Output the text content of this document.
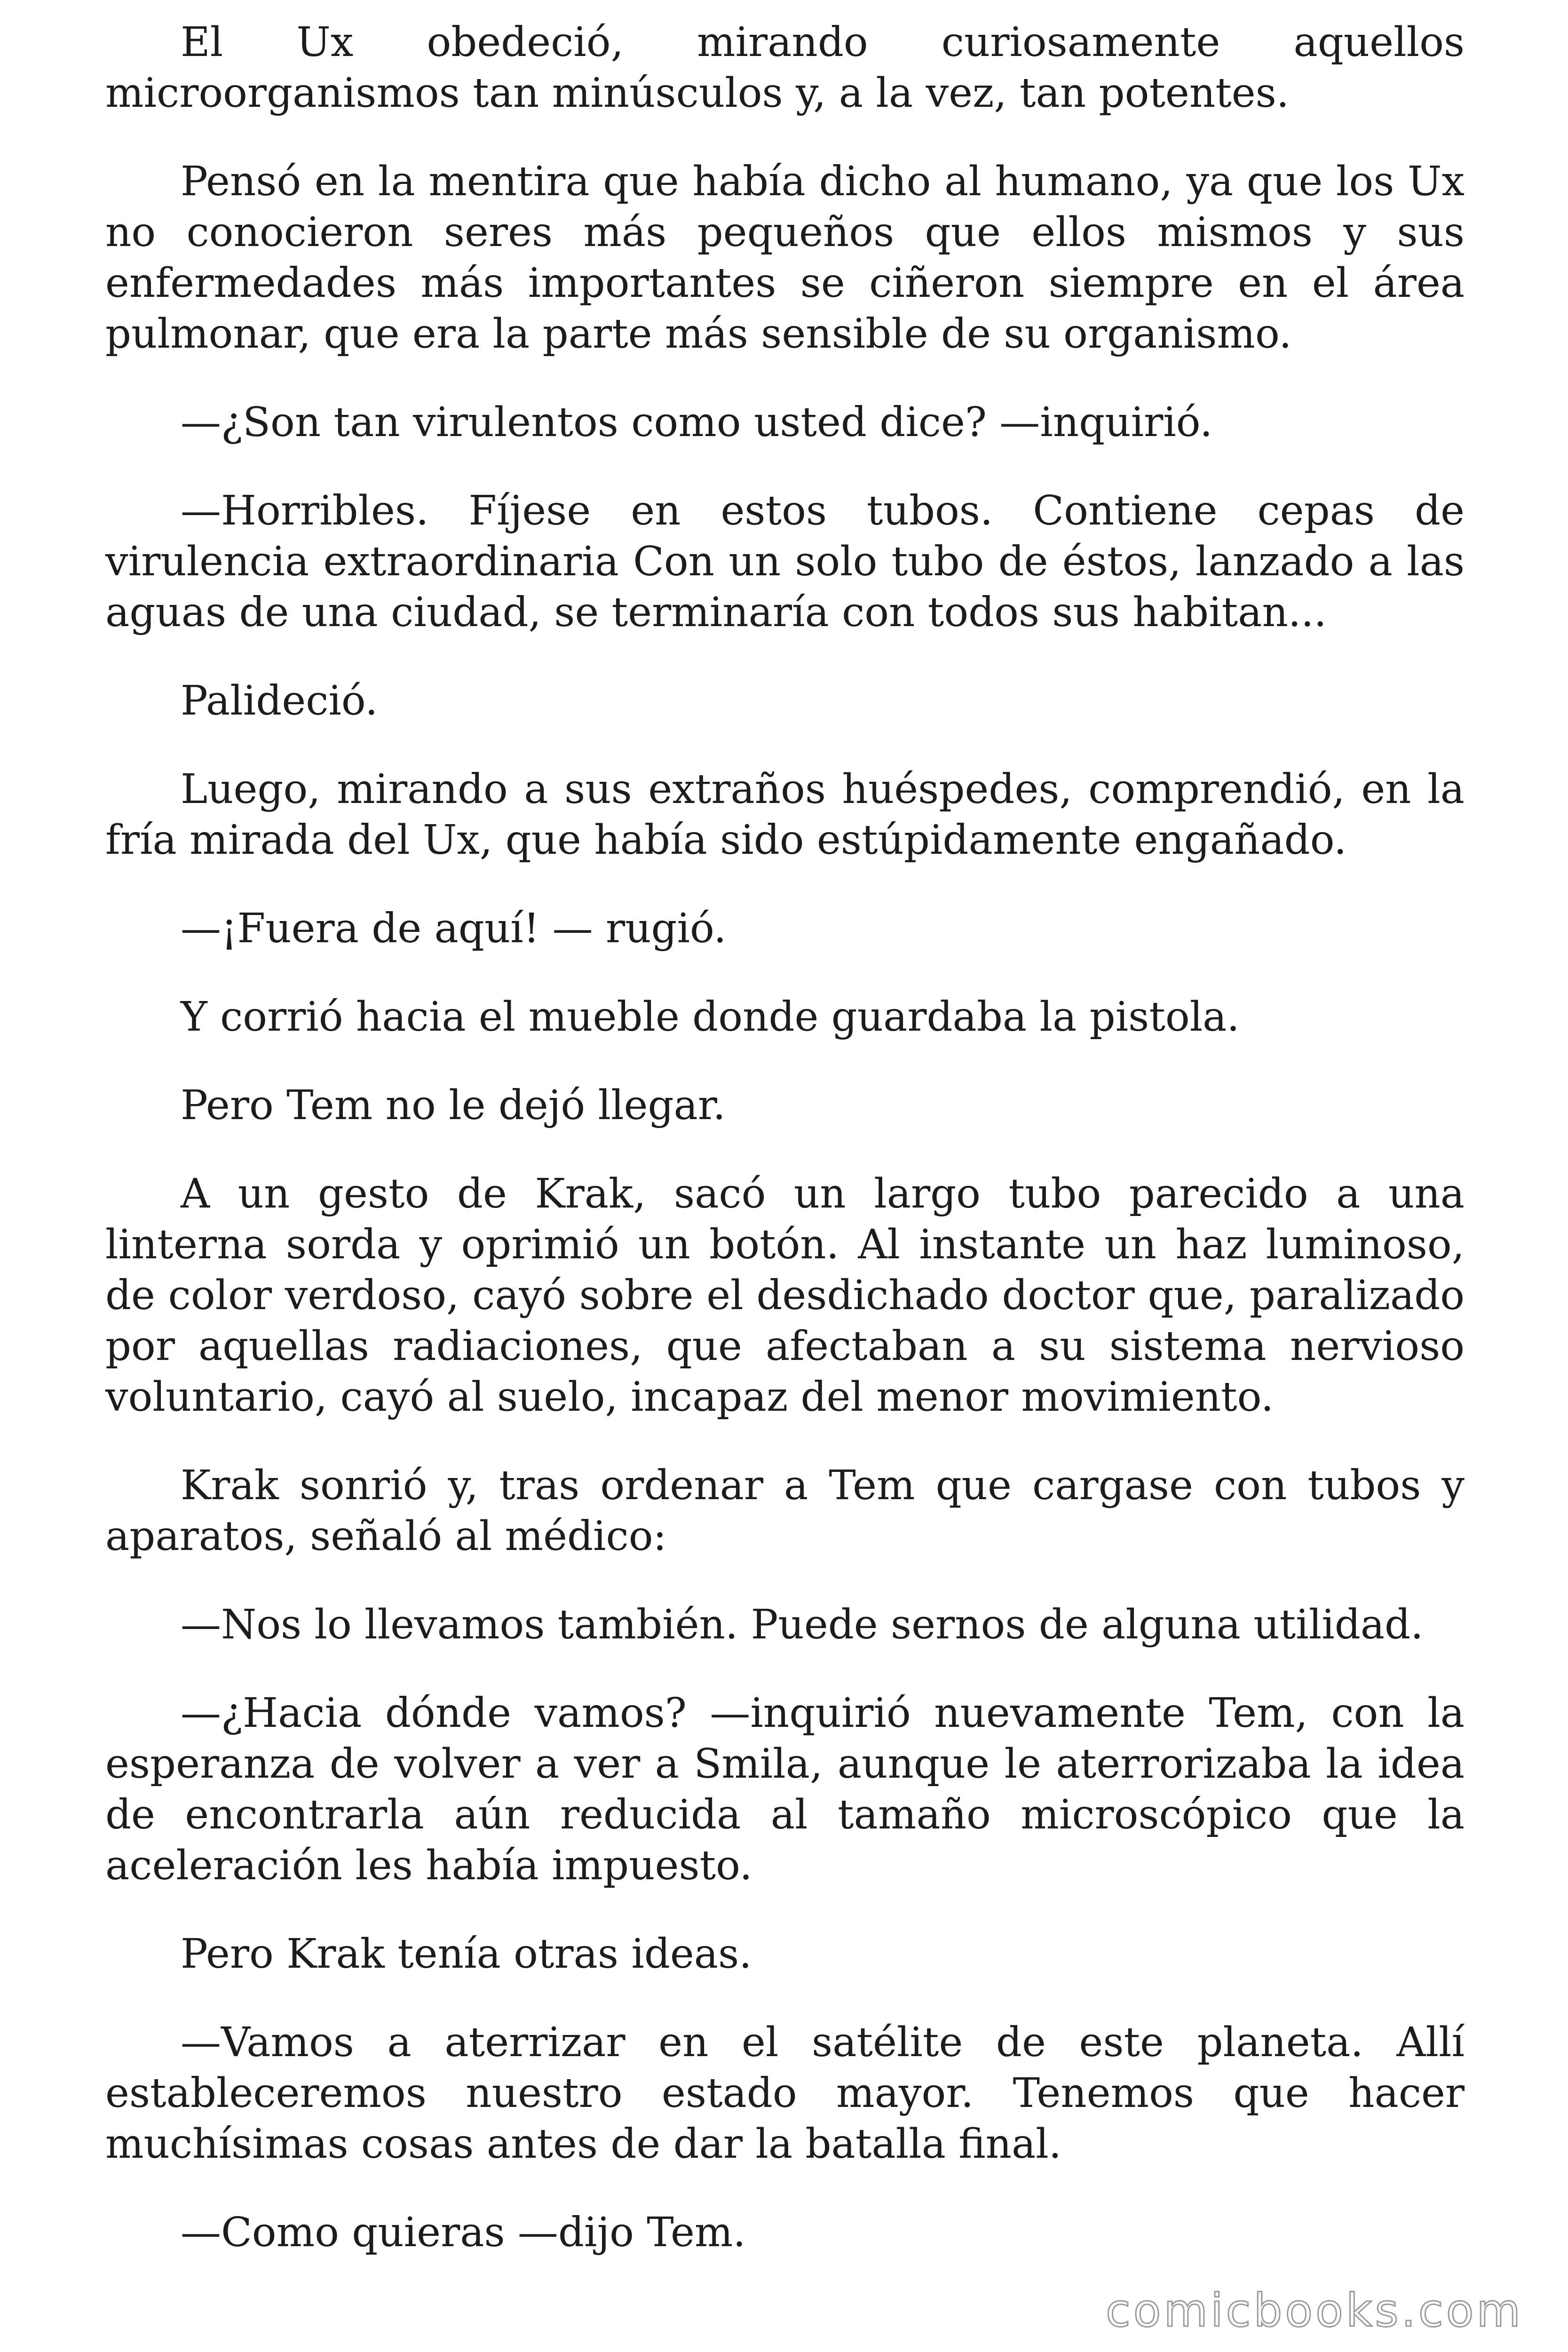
El Ux obedeció, mirando curiosamente aquellos microorganismos tan minúsculos y, a la vez, tan potentes.

Pensó en la mentira que había dicho al humano, ya que los Ux no conocieron seres más pequeños que ellos mismos y sus enfermedades más importantes se ciñeron siempre en el área pulmonar, que era la parte más sensible de su organismo.

—¿Son tan virulentos como usted dice? —inquirió.

—Horribles. Fíjese en estos tubos. Contiene cepas de virulencia extraordinaria Con un solo tubo de éstos, lanzado a las aguas de una ciudad, se terminaría con todos sus habitan...

Palideció.

Luego, mirando a sus extraños huéspedes, comprendió, en la fría mirada del Ux, que había sido estúpidamente engañado.

—¡Fuera de aquí! — rugió.

Y corrió hacia el mueble donde guardaba la pistola.

Pero Tem no le dejó llegar.

A un gesto de Krak, sacó un largo tubo parecido a una linterna sorda y oprimió un botón. Al instante un haz luminoso, de color verdoso, cayó sobre el desdichado doctor que, paralizado por aquellas radiaciones, que afectaban a su sistema nervioso voluntario, cayó al suelo, incapaz del menor movimiento.

Krak sonrió y, tras ordenar a Tem que cargase con tubos y aparatos, señaló al médico:

—Nos lo llevamos también. Puede sernos de alguna utilidad.

—¿Hacia dónde vamos? —inquirió nuevamente Tem, con la esperanza de volver a ver a Smila, aunque le aterrorizaba la idea de encontrarla aún reducida al tamaño microscópico que la aceleración les había impuesto.

Pero Krak tenía otras ideas.

—Vamos a aterrizar en el satélite de este planeta. Allí estableceremos nuestro estado mayor. Tenemos que hacer muchísimas cosas antes de dar la batalla final.

—Como quieras —dijo Tem.

comicbooks.com
